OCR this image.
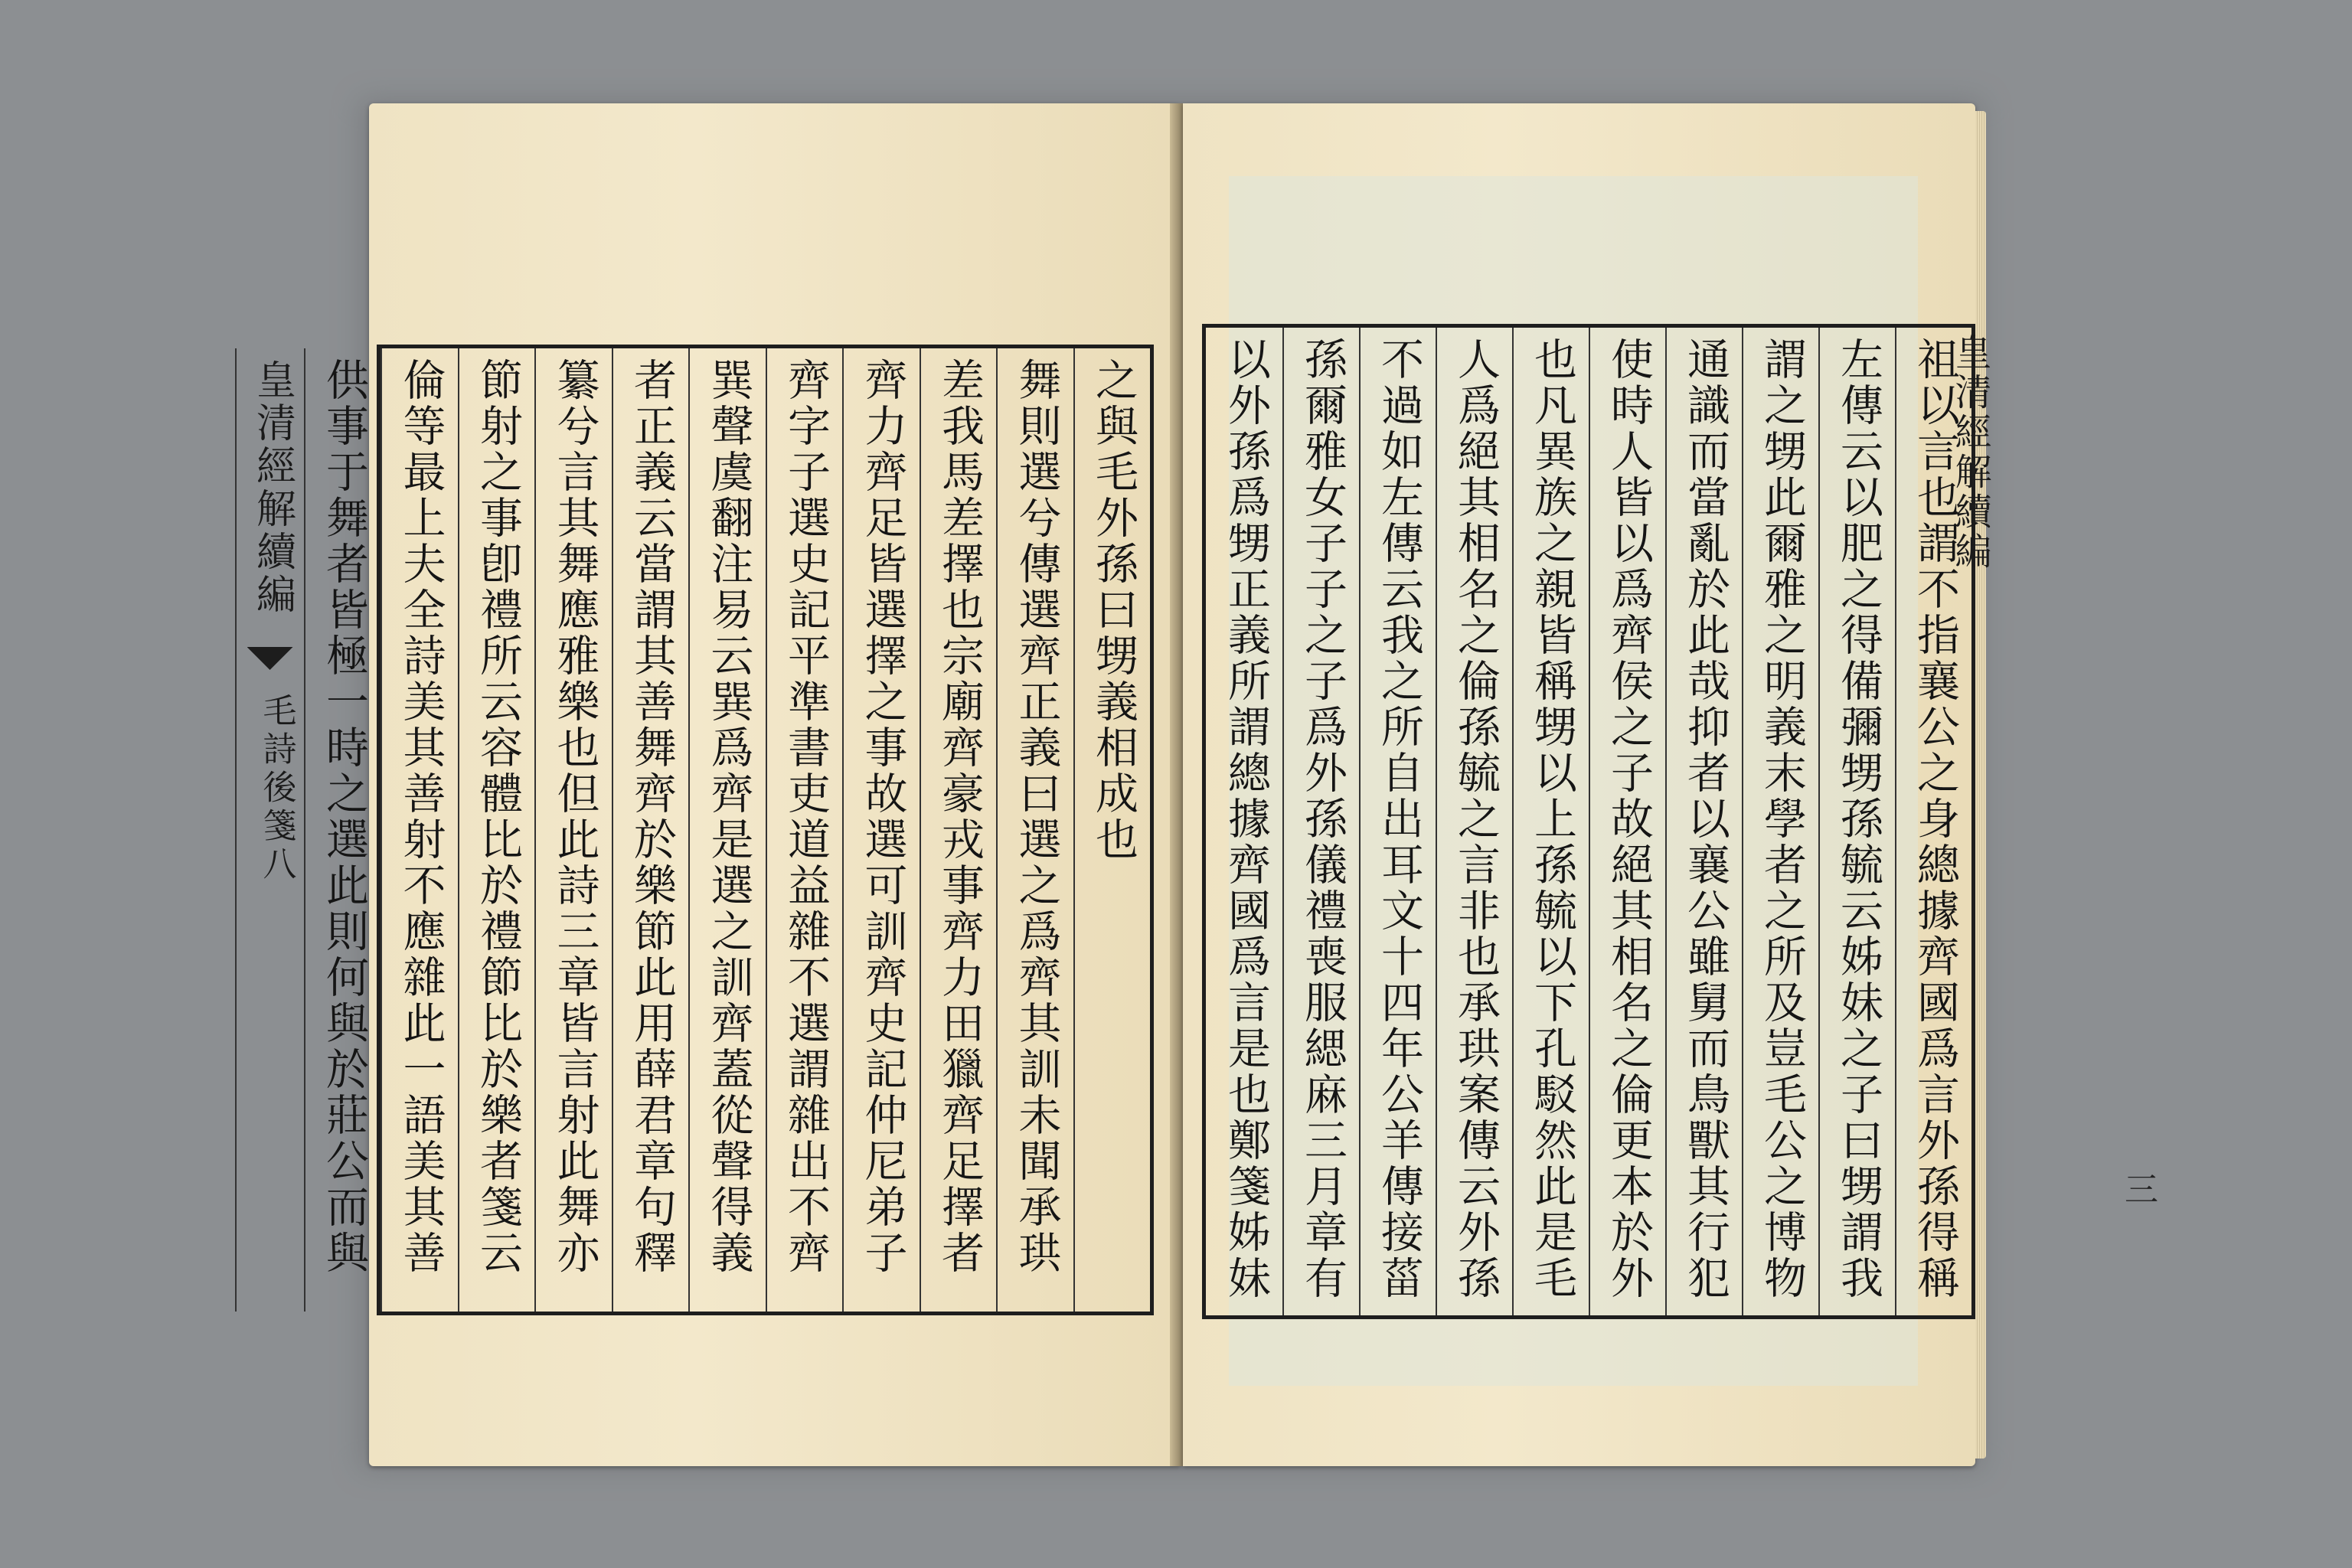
之與毛外孫曰甥義相成也
舞則選兮傳選齊正義曰選之爲齊其訓未聞承珙
差我馬差擇也宗廟齊豪戎事齊力田獵齊足擇者
齊力齊足皆選擇之事故選可訓齊史記仲尼弟子
齊字子選史記平準書吏道益雜不選謂雜出不齊
巽聲虞翻注易云巽爲齊是選之訓齊蓋從聲得義
者正義云當謂其善舞齊於樂節此用薛君章句釋
纂兮言其舞應雅樂也但此詩三章皆言射此舞亦
節射之事卽禮所云容體比於禮節比於樂者箋云
倫等最上夫全詩美其善射不應雜此一語美其善
供事于舞者皆極一時之選此則何與於莊公而與
皇清經解續編
毛詩後箋八
祖以言也謂不指襄公之身總據齊國爲言外孫得稱
左傳云以肥之得備彌甥孫毓云姊妹之子曰甥謂我
謂之甥此爾雅之明義末學者之所及豈毛公之博物
通識而當亂於此哉抑者以襄公雖舅而鳥獸其行犯
使時人皆以爲齊侯之子故絕其相名之倫更本於外
也凡異族之親皆稱甥以上孫毓以下孔駁然此是毛
人爲絕其相名之倫孫毓之言非也承珙案傳云外孫
不過如左傳云我之所自出耳文十四年公羊傳接菑
孫爾雅女子子之子爲外孫儀禮喪服緦麻三月章有
以外孫爲甥正義所謂總據齊國爲言是也鄭箋姊妹
皇清經解續編
三
